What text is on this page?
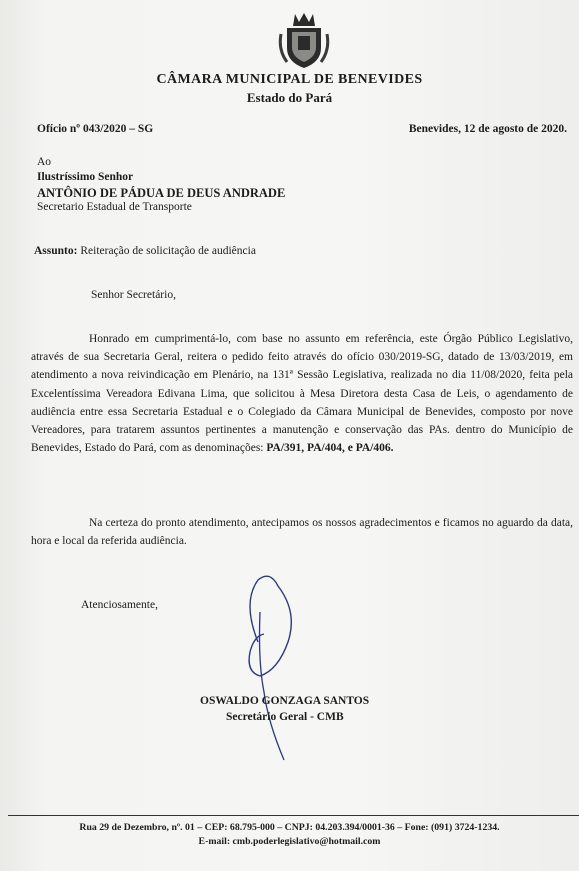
CÂMARA MUNICIPAL DE BENEVIDES
Estado do Pará
Ofício nº 043/2020 – SG	Benevides, 12 de agosto de 2020.
Ao
Ilustríssimo Senhor
ANTÔNIO DE PÁDUA DE DEUS ANDRADE
Secretario Estadual de Transporte
Assunto: Reiteração de solicitação de audiência
Senhor Secretário,

Honrado em cumprimentá-lo, com base no assunto em referência, este Órgão Público Legislativo, através de sua Secretaria Geral, reitera o pedido feito através do ofício 030/2019-SG, datado de 13/03/2019, em atendimento a nova reivindicação em Plenário, na 131ª Sessão Legislativa, realizada no dia 11/08/2020, feita pela Excelentíssima Vereadora Edivana Lima, que solicitou à Mesa Diretora desta Casa de Leis, o agendamento de audiência entre essa Secretaria Estadual e o Colegiado da Câmara Municipal de Benevides, composto por nove Vereadores, para tratarem assuntos pertinentes a manutenção e conservação das PAs. dentro do Município de Benevides, Estado do Pará, com as denominações: PA/391, PA/404, e PA/406.

Na certeza do pronto atendimento, antecipamos os nossos agradecimentos e ficamos no aguardo da data, hora e local da referida audiência.

Atenciosamente,
OSWALDO GONZAGA SANTOS
Secretário Geral - CMB
Rua 29 de Dezembro, nº. 01 – CEP: 68.795-000 – CNPJ: 04.203.394/0001-36 – Fone: (091) 3724-1234.
E-mail: cmb.poderlegislativo@hotmail.com
